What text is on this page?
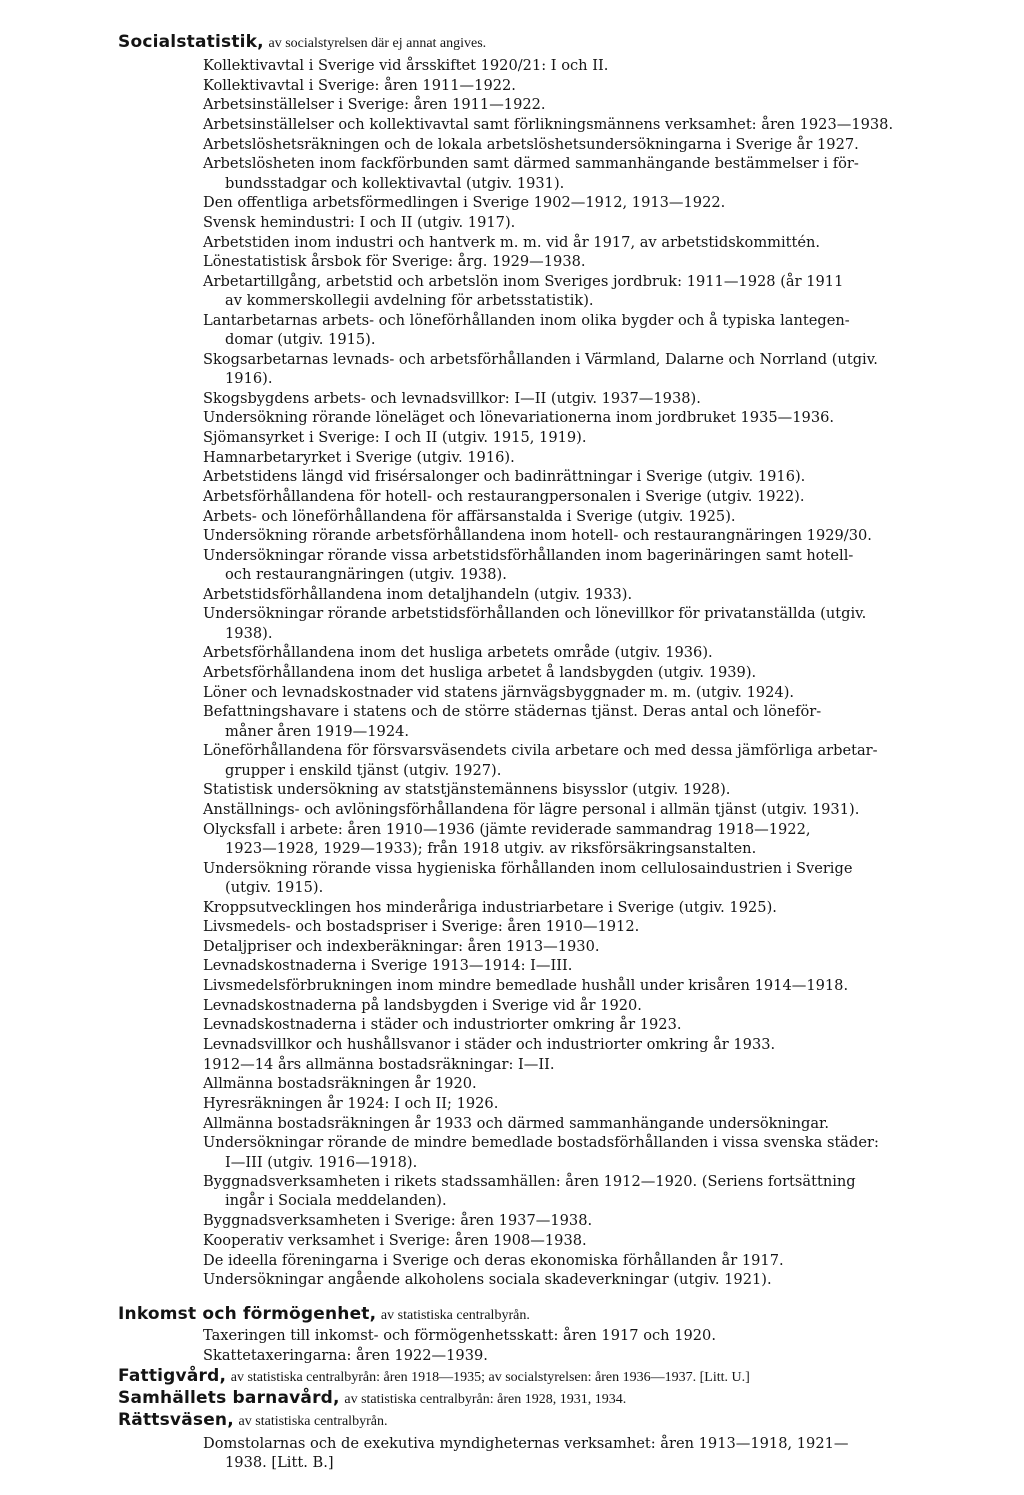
Socialstatistik, av socialstyrelsen där ej annat angives.
Kollektivavtal i Sverige vid årsskiftet 1920/21: I och II.
Kollektivavtal i Sverige: åren 1911—1922.
Arbetsinställelser i Sverige: åren 1911—1922.
Arbetsinställelser och kollektivavtal samt förlikningsmännens verksamhet: åren 1923—1938.
Arbetslöshetsräkningen och de lokala arbetslöshetsundersökningarna i Sverige år 1927.
Arbetslösheten inom fackförbunden samt därmed sammanhängande bestämmelser i för-
bundsstadgar och kollektivavtal (utgiv. 1931).
Den offentliga arbetsförmedlingen i Sverige 1902—1912, 1913—1922.
Svensk hemindustri: I och II (utgiv. 1917).
Arbetstiden inom industri och hantverk m. m. vid år 1917, av arbetstidskommittén.
Lönestatistisk årsbok för Sverige: årg. 1929—1938.
Arbetartillgång, arbetstid och arbetslön inom Sveriges jordbruk: 1911—1928 (år 1911
av kommerskollegii avdelning för arbetsstatistik).
Lantarbetarnas arbets- och löneförhållanden inom olika bygder och å typiska lantegen-
domar (utgiv. 1915).
Skogsarbetarnas levnads- och arbetsförhållanden i Värmland, Dalarne och Norrland (utgiv.
1916).
Skogsbygdens arbets- och levnadsvillkor: I—II (utgiv. 1937—1938).
Undersökning rörande löneläget och lönevariationerna inom jordbruket 1935—1936.
Sjömansyrket i Sverige: I och II (utgiv. 1915, 1919).
Hamnarbetaryrket i Sverige (utgiv. 1916).
Arbetstidens längd vid frisérsalonger och badinrättningar i Sverige (utgiv. 1916).
Arbetsförhållandena för hotell- och restaurangpersonalen i Sverige (utgiv. 1922).
Arbets- och löneförhållandena för affärsanstalda i Sverige (utgiv. 1925).
Undersökning rörande arbetsförhållandena inom hotell- och restaurangnäringen 1929/30.
Undersökningar rörande vissa arbetstidsförhållanden inom bagerinäringen samt hotell-
och restaurangnäringen (utgiv. 1938).
Arbetstidsförhållandena inom detaljhandeln (utgiv. 1933).
Undersökningar rörande arbetstidsförhållanden och lönevillkor för privatanställda (utgiv.
1938).
Arbetsförhållandena inom det husliga arbetets område (utgiv. 1936).
Arbetsförhållandena inom det husliga arbetet å landsbygden (utgiv. 1939).
Löner och levnadskostnader vid statens järnvägsbyggnader m. m. (utgiv. 1924).
Befattningshavare i statens och de större städernas tjänst. Deras antal och löneför-
måner åren 1919—1924.
Löneförhållandena för försvarsväsendets civila arbetare och med dessa jämförliga arbetar-
grupper i enskild tjänst (utgiv. 1927).
Statistisk undersökning av statstjänstemännens bisysslor (utgiv. 1928).
Anställnings- och avlöningsförhållandena för lägre personal i allmän tjänst (utgiv. 1931).
Olycksfall i arbete: åren 1910—1936 (jämte reviderade sammandrag 1918—1922,
1923—1928, 1929—1933); från 1918 utgiv. av riksförsäkringsanstalten.
Undersökning rörande vissa hygieniska förhållanden inom cellulosaindustrien i Sverige
(utgiv. 1915).
Kroppsutvecklingen hos minderåriga industriarbetare i Sverige (utgiv. 1925).
Livsmedels- och bostadspriser i Sverige: åren 1910—1912.
Detaljpriser och indexberäkningar: åren 1913—1930.
Levnadskostnaderna i Sverige 1913—1914: I—III.
Livsmedelsförbrukningen inom mindre bemedlade hushåll under krisåren 1914—1918.
Levnadskostnaderna på landsbygden i Sverige vid år 1920.
Levnadskostnaderna i städer och industriorter omkring år 1923.
Levnadsvillkor och hushållsvanor i städer och industriorter omkring år 1933.
1912—14 års allmänna bostadsräkningar: I—II.
Allmänna bostadsräkningen år 1920.
Hyresräkningen år 1924: I och II; 1926.
Allmänna bostadsräkningen år 1933 och därmed sammanhängande undersökningar.
Undersökningar rörande de mindre bemedlade bostadsförhållanden i vissa svenska städer:
I—III (utgiv. 1916—1918).
Byggnadsverksamheten i rikets stadssamhällen: åren 1912—1920. (Seriens fortsättning
ingår i Sociala meddelanden).
Byggnadsverksamheten i Sverige: åren 1937—1938.
Kooperativ verksamhet i Sverige: åren 1908—1938.
De ideella föreningarna i Sverige och deras ekonomiska förhållanden år 1917.
Undersökningar angående alkoholens sociala skadeverkningar (utgiv. 1921).
Inkomst och förmögenhet, av statistiska centralbyrån.
Taxeringen till inkomst- och förmögenhetsskatt: åren 1917 och 1920.
Skattetaxeringarna: åren 1922—1939.
Fattigvård, av statistiska centralbyrån: åren 1918—1935; av socialstyrelsen: åren 1936—1937. [Litt. U.]
Samhällets barnavård, av statistiska centralbyrån: åren 1928, 1931, 1934.
Rättsväsen, av statistiska centralbyrån.
Domstolarnas och de exekutiva myndigheternas verksamhet: åren 1913—1918, 1921—
1938. [Litt. B.]
